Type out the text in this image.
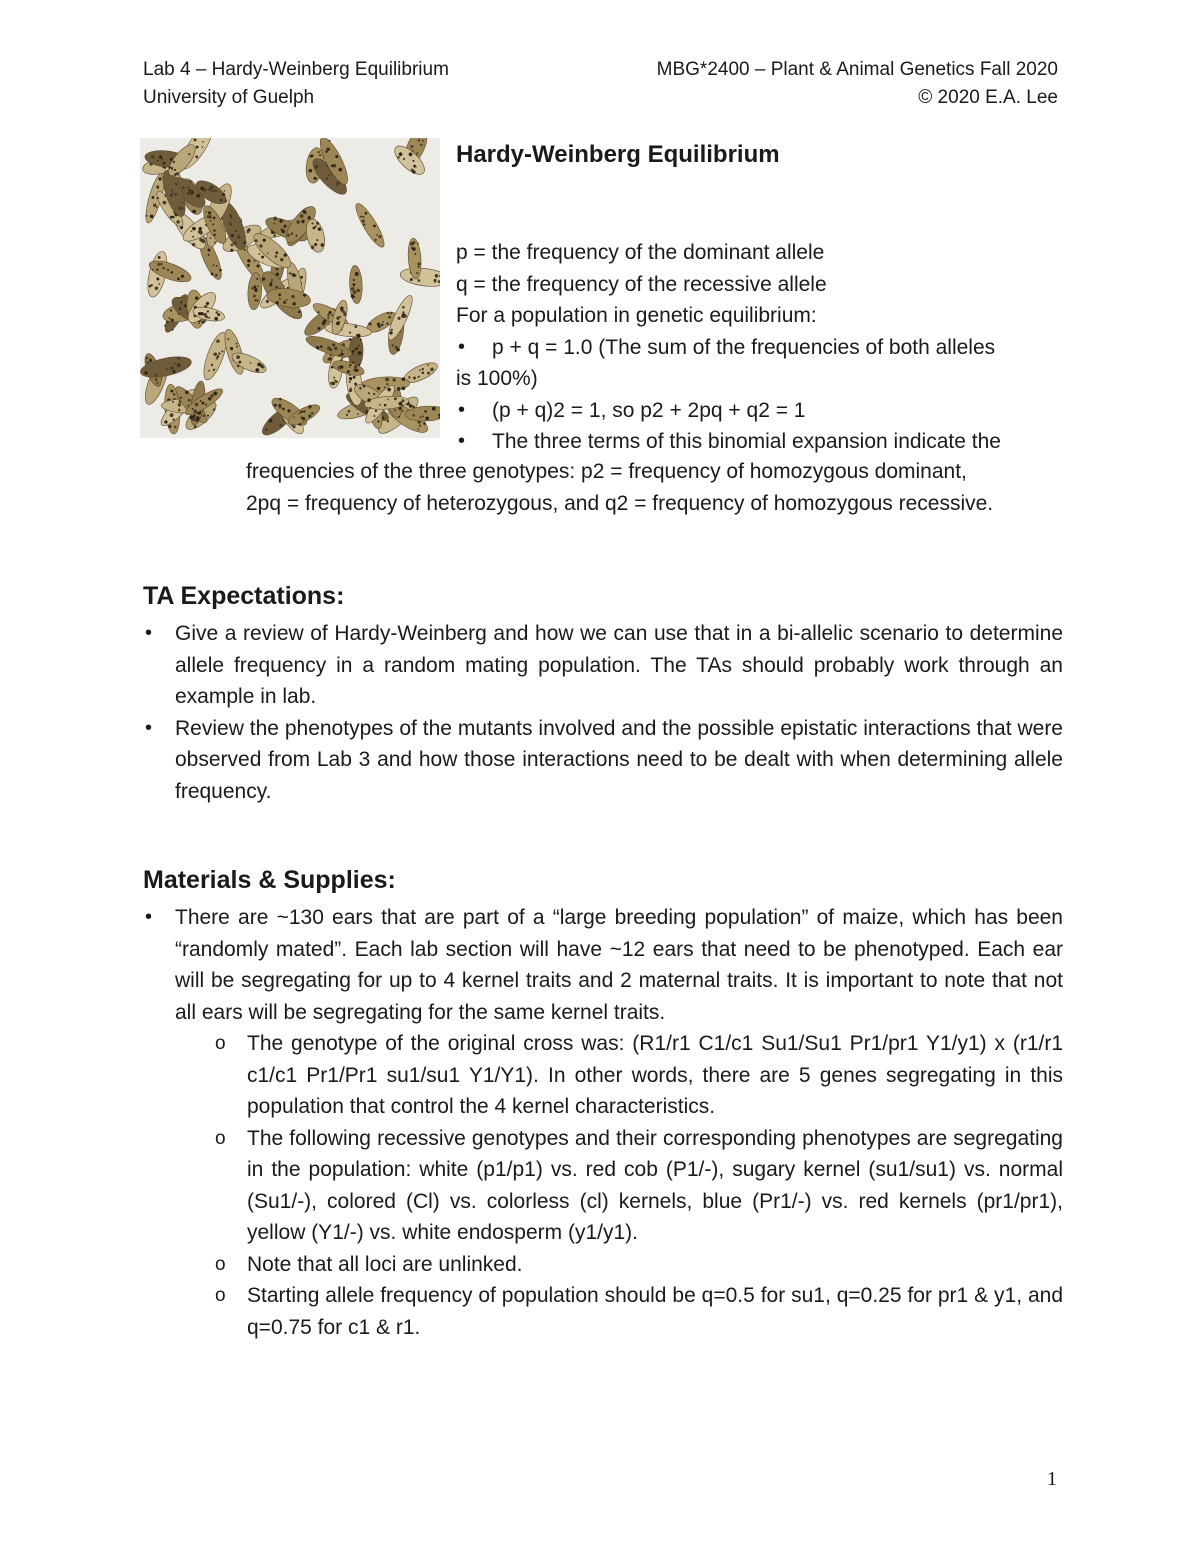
Lab 4 – Hardy-Weinberg Equilibrium
University of Guelph
MBG*2400 – Plant & Animal Genetics Fall 2020
© 2020 E.A. Lee
Hardy-Weinberg Equilibrium

p = the frequency of the dominant allele

q = the frequency of the recessive allele

For a population in genetic equilibrium:

• p + q = 1.0 (The sum of the frequencies of both alleles

is 100%)

• (p + q)2 = 1, so p2 + 2pq + q2 = 1

• The three terms of this binomial expansion indicate the

frequencies of the three genotypes: p2 = frequency of homozygous dominant,

2pq = frequency of heterozygous, and q2 = frequency of homozygous recessive.

TA Expectations:
• Give a review of Hardy-Weinberg and how we can use that in a bi-allelic scenario to determine allele frequency in a random mating population. The TAs should probably work through an example in lab.
• Review the phenotypes of the mutants involved and the possible epistatic interactions that were observed from Lab 3 and how those interactions need to be dealt with when determining allele frequency.
Materials & Supplies:
• There are ~130 ears that are part of a “large breeding population” of maize, which has been “randomly mated”. Each lab section will have ~12 ears that need to be phenotyped. Each ear will be segregating for up to 4 kernel traits and 2 maternal traits. It is important to note that not all ears will be segregating for the same kernel traits.
o The genotype of the original cross was: (R1/r1 C1/c1 Su1/Su1 Pr1/pr1 Y1/y1) x (r1/r1 c1/c1 Pr1/Pr1 su1/su1 Y1/Y1). In other words, there are 5 genes segregating in this population that control the 4 kernel characteristics.
o The following recessive genotypes and their corresponding phenotypes are segregating in the population: white (p1/p1) vs. red cob (P1/-), sugary kernel (su1/su1) vs. normal (Su1/-), colored (Cl) vs. colorless (cl) kernels, blue (Pr1/-) vs. red kernels (pr1/pr1), yellow (Y1/-) vs. white endosperm (y1/y1).
o Note that all loci are unlinked.
o Starting allele frequency of population should be q=0.5 for su1, q=0.25 for pr1 & y1, and q=0.75 for c1 & r1.
1
